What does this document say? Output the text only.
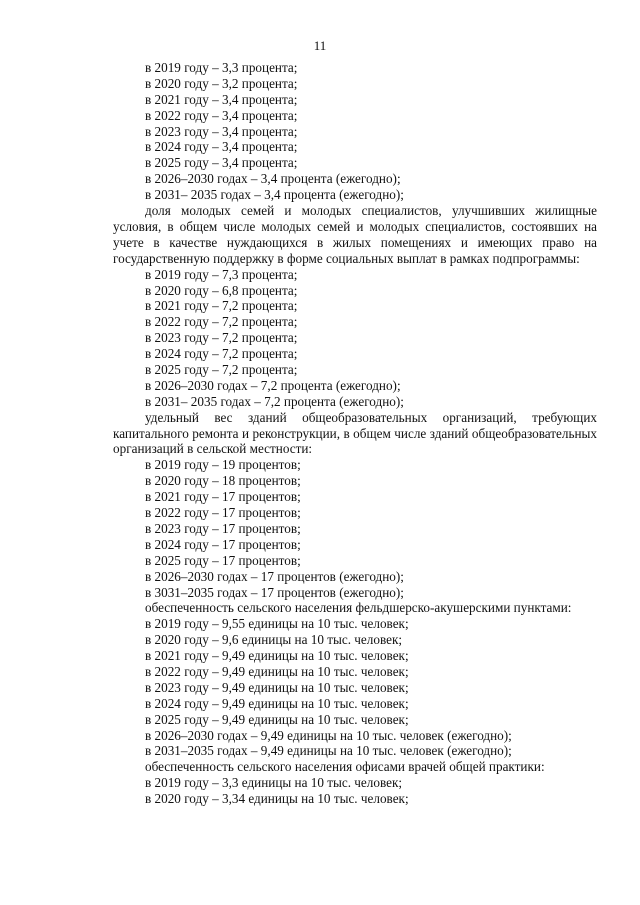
11
в 2019 году – 3,3 процента;
в 2020 году – 3,2 процента;
в 2021 году – 3,4 процента;
в 2022 году – 3,4 процента;
в 2023 году – 3,4 процента;
в 2024 году – 3,4 процента;
в 2025 году – 3,4 процента;
в 2026–2030 годах – 3,4 процента (ежегодно);
в 2031– 2035 годах – 3,4 процента (ежегодно);
доля молодых семей и молодых специалистов, улучшивших жилищные условия, в общем числе молодых семей и молодых специалистов, состоявших на учете в качестве нуждающихся в жилых помещениях и имеющих право на государственную поддержку в форме социальных выплат в рамках подпрограммы:
в 2019 году – 7,3 процента;
в 2020 году – 6,8 процента;
в 2021 году – 7,2 процента;
в 2022 году – 7,2 процента;
в 2023 году – 7,2 процента;
в 2024 году – 7,2 процента;
в 2025 году – 7,2 процента;
в 2026–2030 годах – 7,2 процента (ежегодно);
в 2031– 2035 годах – 7,2 процента (ежегодно);
удельный вес зданий общеобразовательных организаций, требующих капитального ремонта и реконструкции, в общем числе зданий общеобразовательных организаций в сельской местности:
в 2019 году – 19 процентов;
в 2020 году – 18 процентов;
в 2021 году – 17 процентов;
в 2022 году – 17 процентов;
в 2023 году – 17 процентов;
в 2024 году – 17 процентов;
в 2025 году – 17 процентов;
в 2026–2030 годах – 17 процентов (ежегодно);
в 3031–2035 годах – 17 процентов (ежегодно);
обеспеченность сельского населения фельдшерско-акушерскими пунктами:
в 2019 году – 9,55 единицы на 10 тыс. человек;
в 2020 году – 9,6 единицы на 10 тыс. человек;
в 2021 году – 9,49 единицы на 10 тыс. человек;
в 2022 году – 9,49 единицы на 10 тыс. человек;
в 2023 году – 9,49 единицы на 10 тыс. человек;
в 2024 году – 9,49 единицы на 10 тыс. человек;
в 2025 году – 9,49 единицы на 10 тыс. человек;
в 2026–2030 годах – 9,49 единицы на 10 тыс. человек (ежегодно);
в 2031–2035 годах – 9,49 единицы на 10 тыс. человек (ежегодно);
обеспеченность сельского населения офисами врачей общей практики:
в 2019 году – 3,3 единицы на 10 тыс. человек;
в 2020 году – 3,34 единицы на 10 тыс. человек;
